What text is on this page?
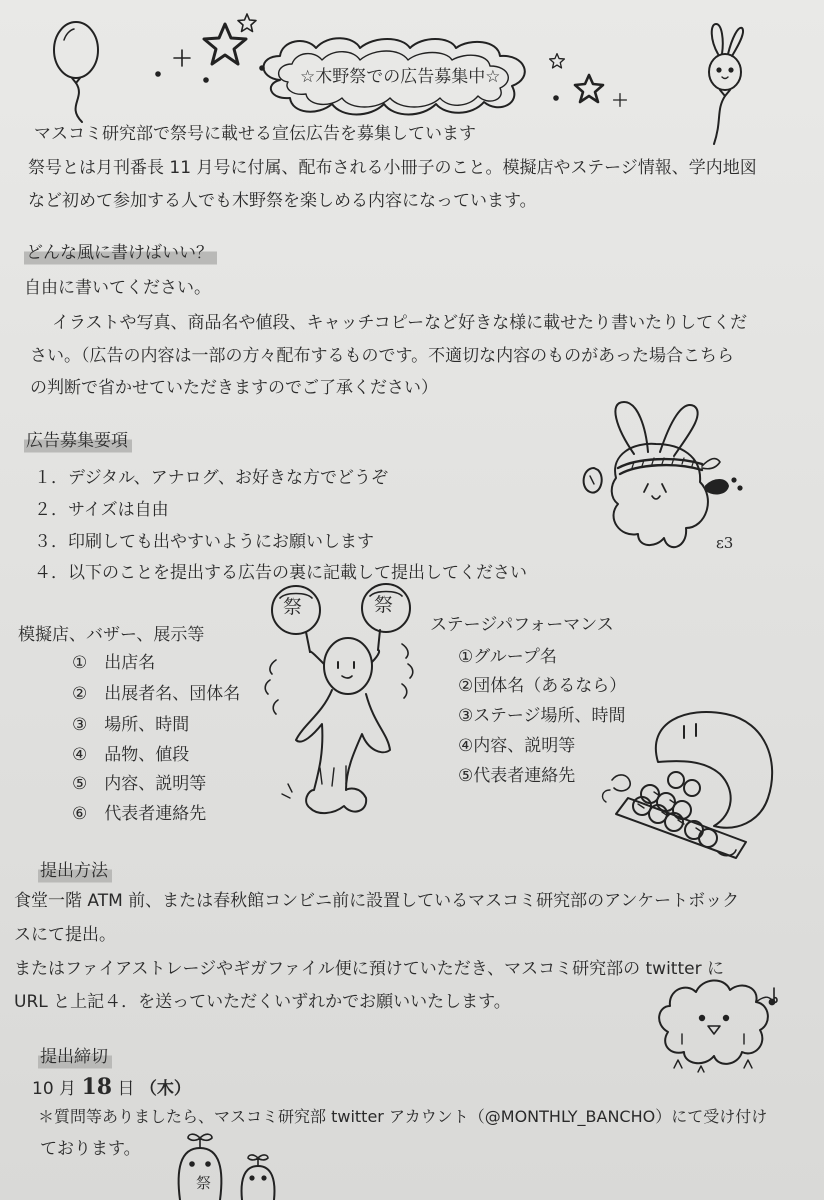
☆木野祭での広告募集中☆
マスコミ研究部で祭号に載せる宣伝広告を募集しています
祭号とは月刊番長 11 月号に付属、配布される小冊子のこと。模擬店やステージ情報、学内地図
など初めて参加する人でも木野祭を楽しめる内容になっています。
どんな風に書けばいい？
自由に書いてください。
イラストや写真、商品名や値段、キャッチコピーなど好きな様に載せたり書いたりしてくだ
さい。（広告の内容は一部の方々配布するものです。不適切な内容のものがあった場合こちら
の判断で省かせていただきますのでご了承ください）
広告募集要項
１．デジタル、アナログ、お好きな方でどうぞ
２．サイズは自由
３．印刷しても出やすいようにお願いします
４．以下のことを提出する広告の裏に記載して提出してください
ε3
模擬店、バザー、展示等
①　出店名
②　出展者名、団体名
③　場所、時間
④　品物、値段
⑤　内容、説明等
⑥　代表者連絡先
祭	祭
ステージパフォーマンス
①グループ名
②団体名（あるなら）
③ステージ場所、時間
④内容、説明等
⑤代表者連絡先
提出方法
食堂一階 ATM 前、または春秋館コンビニ前に設置しているマスコミ研究部のアンケートボック
スにて提出。
またはファイアストレージやギガファイル便に預けていただき、マスコミ研究部の twitter に
URL と上記４．を送っていただくいずれかでお願いいたします。
提出締切
10 月 18 日 （木）
＊質問等ありましたら、マスコミ研究部 twitter アカウント（@MONTHLY_BANCHO）にて受け付け
ております。
祭
